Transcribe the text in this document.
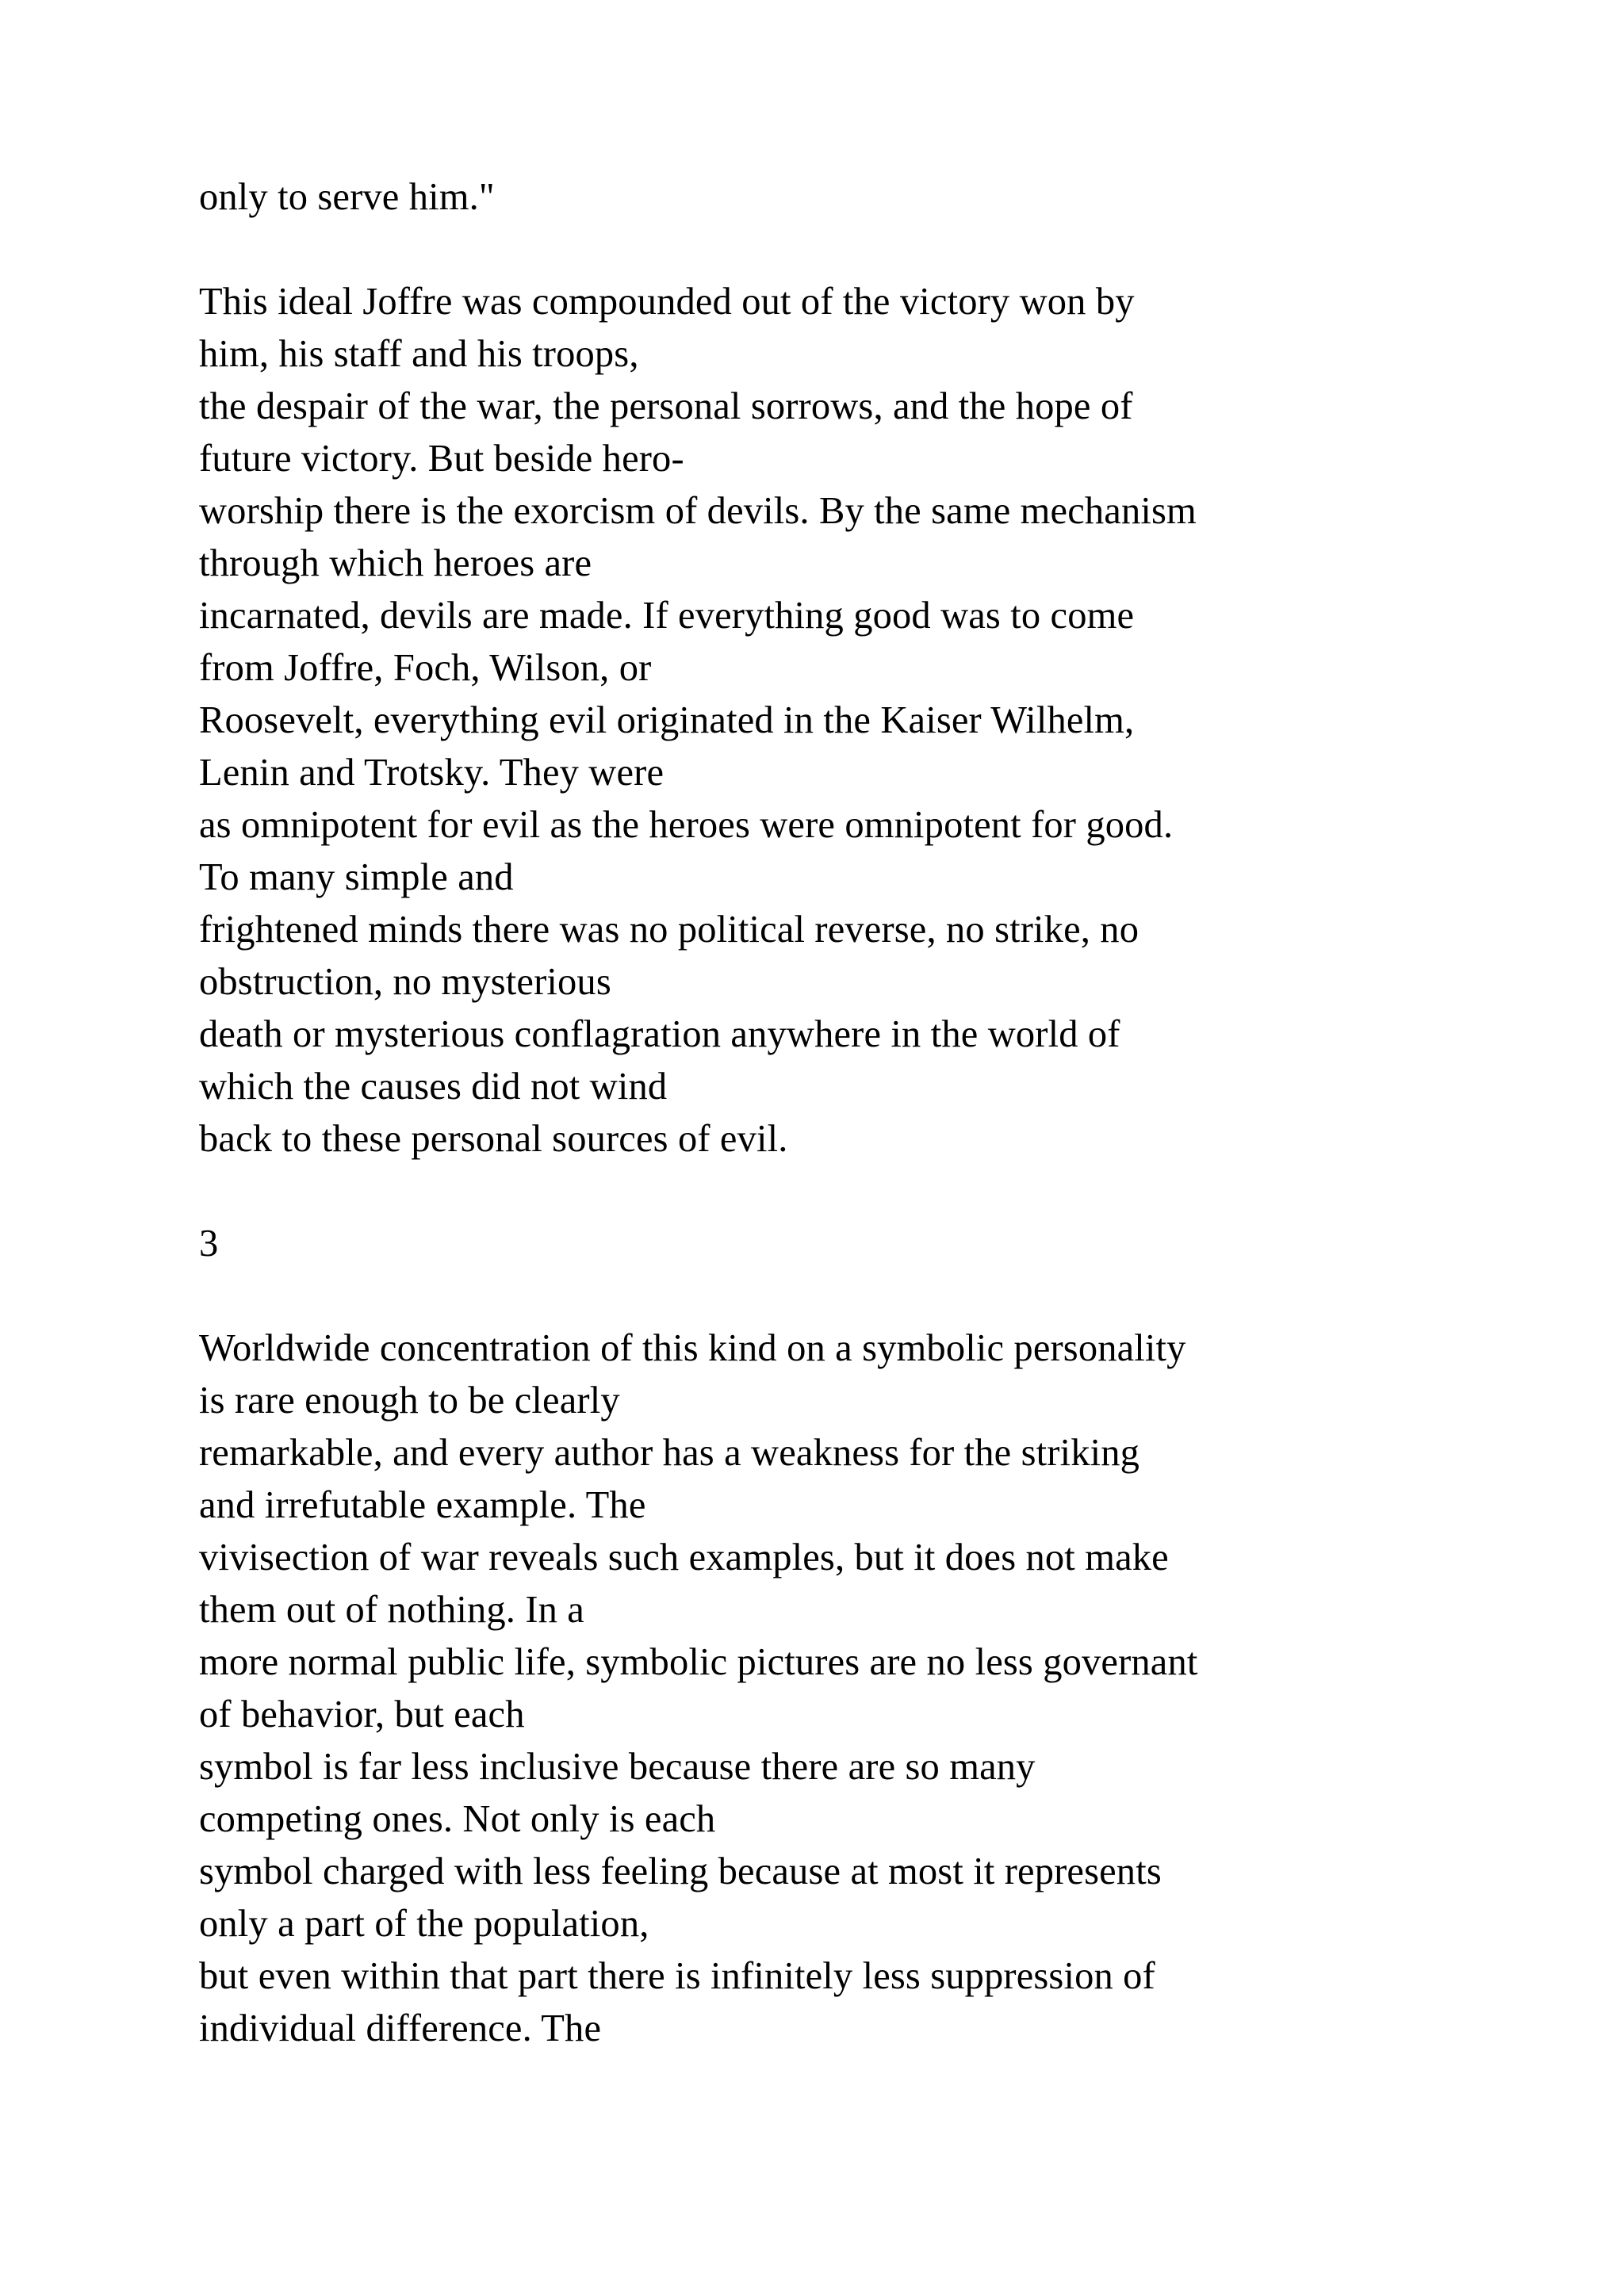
only to serve him."
This ideal Joffre was compounded out of the victory won by
him, his staff and his troops,
the despair of the war, the personal sorrows, and the hope of
future victory. But beside hero-
worship there is the exorcism of devils. By the same mechanism
through which heroes are
incarnated, devils are made. If everything good was to come
from Joffre, Foch, Wilson, or
Roosevelt, everything evil originated in the Kaiser Wilhelm,
Lenin and Trotsky. They were
as omnipotent for evil as the heroes were omnipotent for good.
To many simple and
frightened minds there was no political reverse, no strike, no
obstruction, no mysterious
death or mysterious conflagration anywhere in the world of
which the causes did not wind
back to these personal sources of evil.
3
Worldwide concentration of this kind on a symbolic personality
is rare enough to be clearly
remarkable, and every author has a weakness for the striking
and irrefutable example. The
vivisection of war reveals such examples, but it does not make
them out of nothing. In a
more normal public life, symbolic pictures are no less governant
of behavior, but each
symbol is far less inclusive because there are so many
competing ones. Not only is each
symbol charged with less feeling because at most it represents
only a part of the population,
but even within that part there is infinitely less suppression of
individual difference. The
